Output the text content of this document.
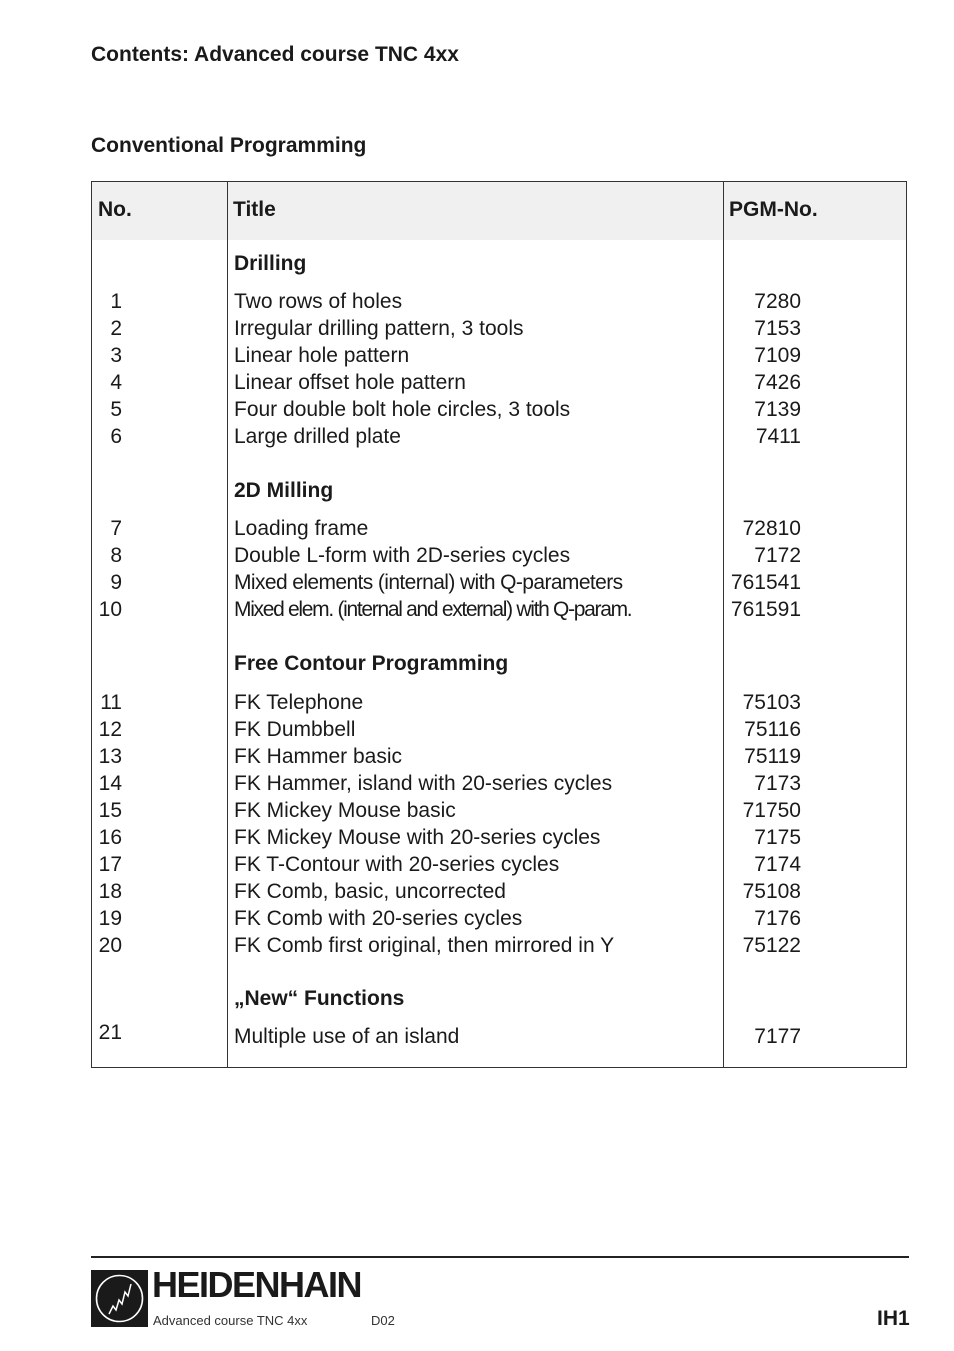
Contents: Advanced course TNC 4xx
Conventional Programming
No.	Title	PGM-No.
Drilling
1	Two rows of holes	7280
2	Irregular drilling pattern, 3 tools	7153
3	Linear hole pattern	7109
4	Linear offset hole pattern	7426
5	Four double bolt hole circles, 3 tools	7139
6	Large drilled plate	7411
2D Milling
7	Loading frame	72810
8	Double L-form with 2D-series cycles	7172
9	Mixed elements (internal) with Q-parameters	761541
10	Mixed elem. (internal and external) with Q-param.	761591
Free Contour Programming
11	FK Telephone	75103
12	FK Dumbbell	75116
13	FK Hammer basic	75119
14	FK Hammer, island with 20-series cycles	7173
15	FK Mickey Mouse basic	71750
16	FK Mickey Mouse with 20-series cycles	7175
17	FK T-Contour with 20-series cycles	7174
18	FK Comb, basic, uncorrected	75108
19	FK Comb with 20-series cycles	7176
20	FK Comb first original, then mirrored in Y	75122
„New“ Functions
21	Multiple use of an island	7177
HEIDENHAIN
Advanced course TNC 4xx	D02	IH1
